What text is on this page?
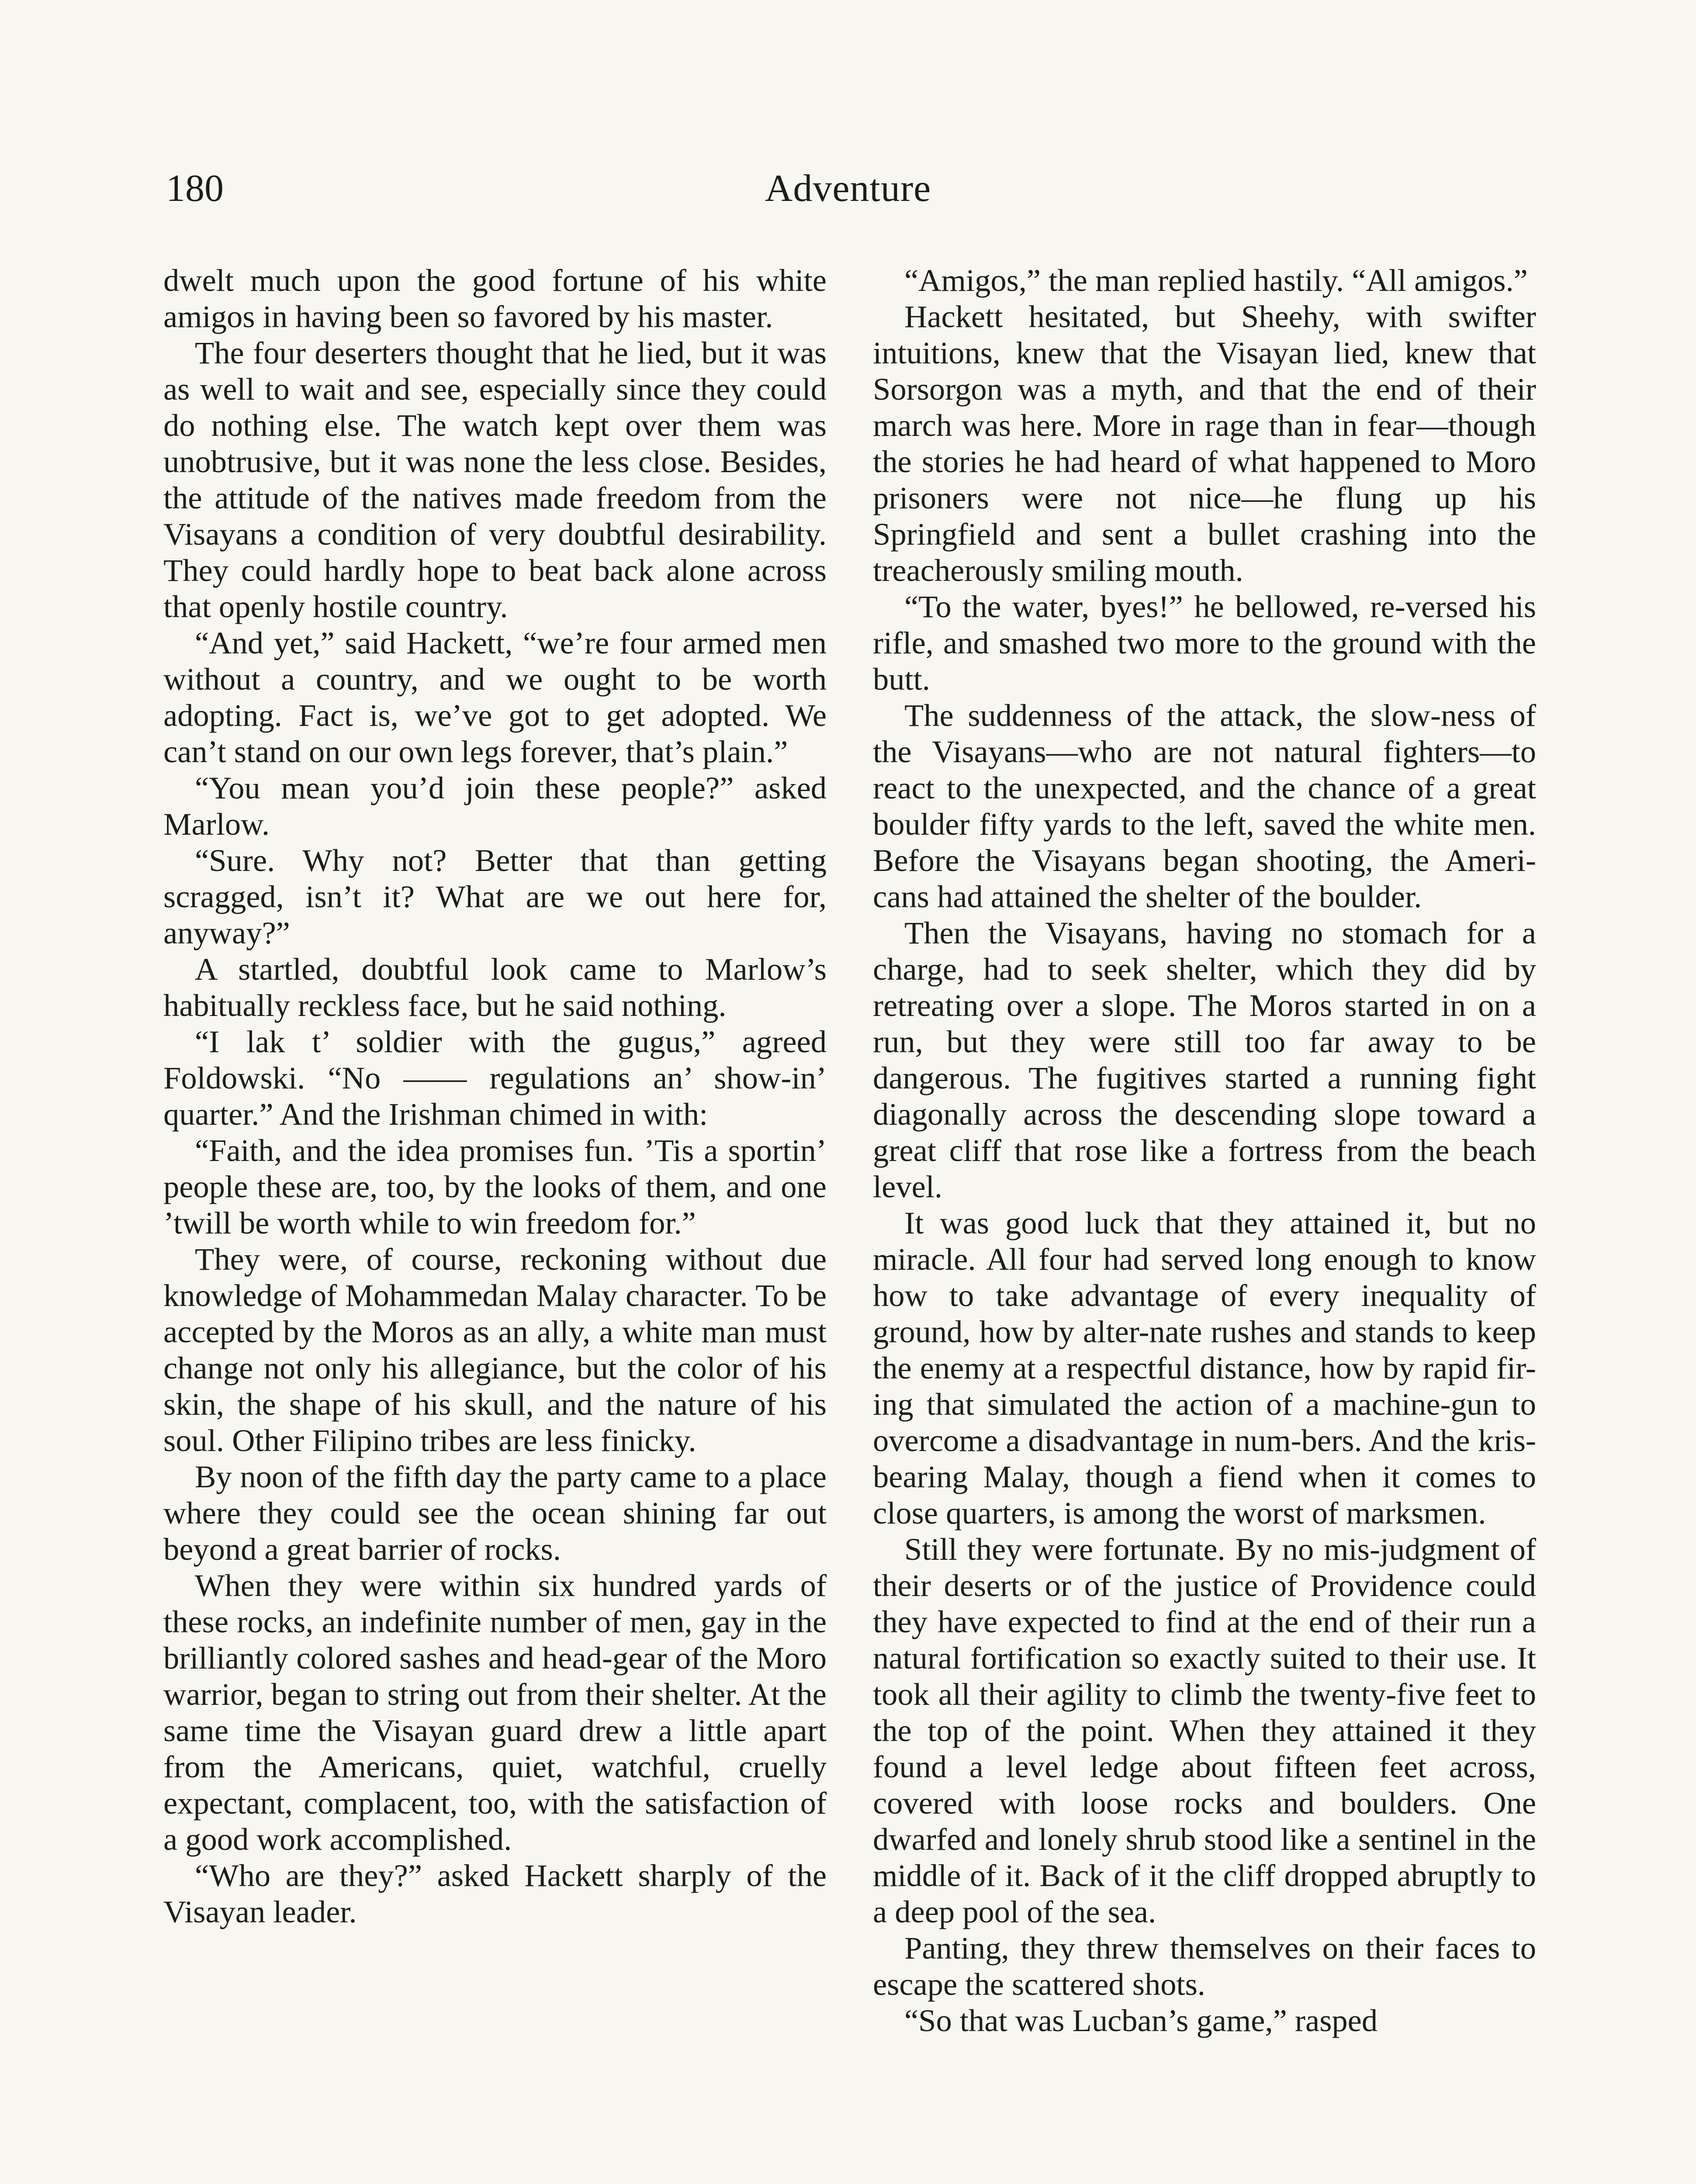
180	Adventure

dwelt much upon the good fortune of his white amigos in having been so favored by his master.

The four deserters thought that he lied, but it was as well to wait and see, especially since they could do nothing else. The watch kept over them was unobtrusive, but it was none the less close. Besides, the attitude of the natives made freedom from the Visayans a condition of very doubtful desirability. They could hardly hope to beat back alone across that openly hostile country.

“And yet,” said Hackett, “we’re four armed men without a country, and we ought to be worth adopting. Fact is, we’ve got to get adopted. We can’t stand on our own legs forever, that’s plain.”

“You mean you’d join these people?” asked Marlow.

“Sure. Why not? Better that than getting scragged, isn’t it? What are we out here for, anyway?”

A startled, doubtful look came to Marlow’s habitually reckless face, but he said nothing.

“I lak t’ soldier with the gugus,” agreed Foldowski. “No —— regulations an’ show-in’ quarter.” And the Irishman chimed in with:

“Faith, and the idea promises fun. ’Tis a sportin’ people these are, too, by the looks of them, and one ’twill be worth while to win freedom for.”

They were, of course, reckoning without due knowledge of Mohammedan Malay character. To be accepted by the Moros as an ally, a white man must change not only his allegiance, but the color of his skin, the shape of his skull, and the nature of his soul. Other Filipino tribes are less finicky.

By noon of the fifth day the party came to a place where they could see the ocean shining far out beyond a great barrier of rocks.

When they were within six hundred yards of these rocks, an indefinite number of men, gay in the brilliantly colored sashes and head-gear of the Moro warrior, began to string out from their shelter. At the same time the Visayan guard drew a little apart from the Americans, quiet, watchful, cruelly expectant, complacent, too, with the satisfaction of a good work accomplished.

“Who are they?” asked Hackett sharply of the Visayan leader.

“Amigos,” the man replied hastily. “All amigos.”

Hackett hesitated, but Sheehy, with swifter intuitions, knew that the Visayan lied, knew that Sorsorgon was a myth, and that the end of their march was here. More in rage than in fear—though the stories he had heard of what happened to Moro prisoners were not nice—he flung up his Springfield and sent a bullet crashing into the treacherously smiling mouth.

“To the water, byes!” he bellowed, re-versed his rifle, and smashed two more to the ground with the butt.

The suddenness of the attack, the slow-ness of the Visayans—who are not natural fighters—to react to the unexpected, and the chance of a great boulder fifty yards to the left, saved the white men. Before the Visayans began shooting, the Ameri-cans had attained the shelter of the boulder.

Then the Visayans, having no stomach for a charge, had to seek shelter, which they did by retreating over a slope. The Moros started in on a run, but they were still too far away to be dangerous. The fugitives started a running fight diagonally across the descending slope toward a great cliff that rose like a fortress from the beach level.

It was good luck that they attained it, but no miracle. All four had served long enough to know how to take advantage of every inequality of ground, how by alter-nate rushes and stands to keep the enemy at a respectful distance, how by rapid fir-ing that simulated the action of a machine-gun to overcome a disadvantage in num-bers. And the kris-bearing Malay, though a fiend when it comes to close quarters, is among the worst of marksmen.

Still they were fortunate. By no mis-judgment of their deserts or of the justice of Providence could they have expected to find at the end of their run a natural fortification so exactly suited to their use. It took all their agility to climb the twenty-five feet to the top of the point. When they attained it they found a level ledge about fifteen feet across, covered with loose rocks and boulders. One dwarfed and lonely shrub stood like a sentinel in the middle of it. Back of it the cliff dropped abruptly to a deep pool of the sea.

Panting, they threw themselves on their faces to escape the scattered shots.

“So that was Lucban’s game,” rasped
